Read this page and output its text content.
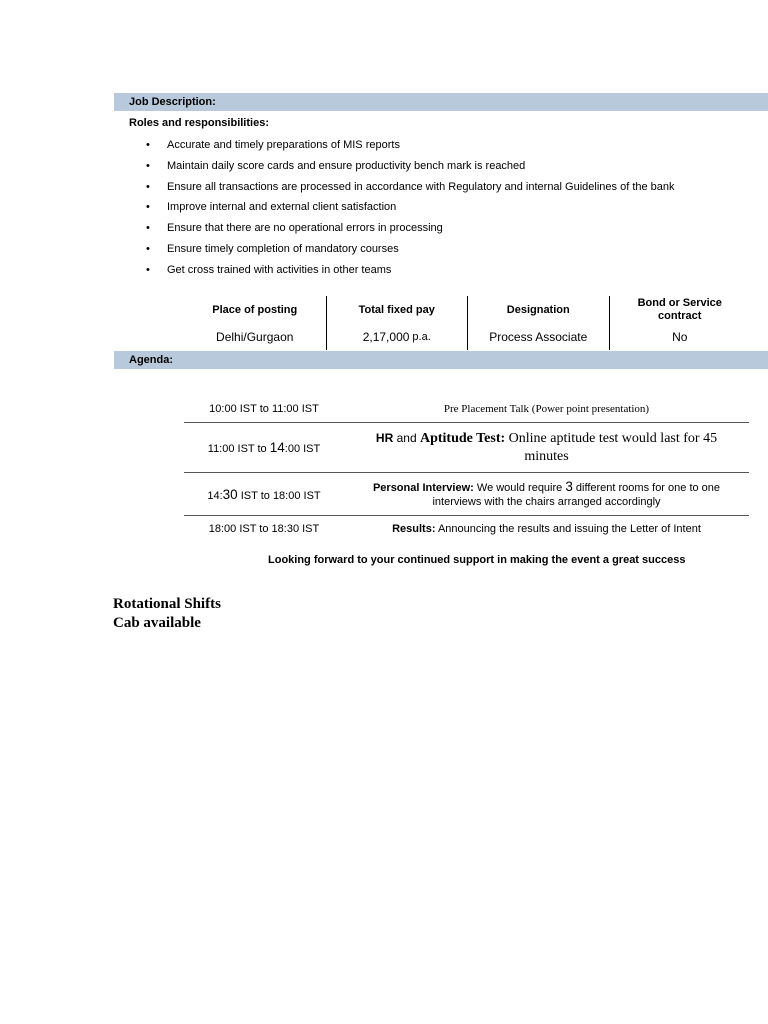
Job Description:
Roles and responsibilities:
• Accurate and timely preparations of MIS reports
• Maintain daily score cards and ensure productivity bench mark is reached
• Ensure all transactions are processed in accordance with Regulatory and internal Guidelines of the bank
• Improve internal and external client satisfaction
• Ensure that there are no operational errors in processing
• Ensure timely completion of mandatory courses
• Get cross trained with activities in other teams
Place of posting
Delhi/Gurgaon
Total fixed pay
2,17,000 p.a.
Designation
Process Associate
Bond or Service contract
No
Agenda:
10:00 IST to 11:00 IST	Pre Placement Talk (Power point presentation)
11:00 IST to 14:00 IST
HR and Aptitude Test: Online aptitude test would last for 45 minutes
14:30 IST to 18:00 IST
Personal Interview: We would require 3 different rooms for one to one interviews with the chairs arranged accordingly
18:00 IST to 18:30 IST	Results: Announcing the results and issuing the Letter of Intent
Looking forward to your continued support in making the event a great success
Rotational Shifts
Cab available
